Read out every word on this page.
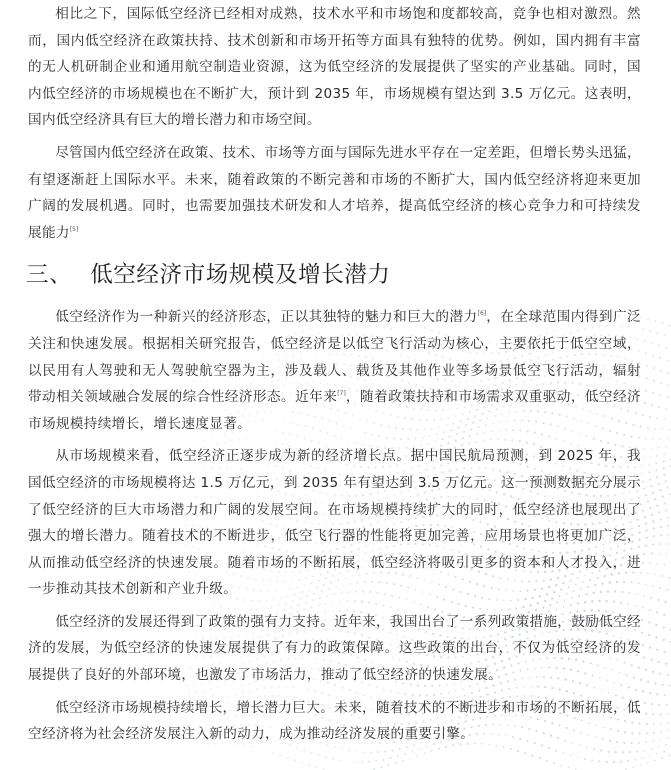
相比之下，国际低空经济已经相对成熟，技术水平和市场饱和度都较高，竞争也相对激烈。然而，国内低空经济在政策扶持、技术创新和市场开拓等方面具有独特的优势。例如，国内拥有丰富的无人机研制企业和通用航空制造业资源，这为低空经济的发展提供了坚实的产业基础。同时，国内低空经济的市场规模也在不断扩大，预计到 2035 年，市场规模有望达到 3.5 万亿元。这表明，国内低空经济具有巨大的增长潜力和市场空间。

尽管国内低空经济在政策、技术、市场等方面与国际先进水平存在一定差距，但增长势头迅猛，有望逐渐赶上国际水平。未来，随着政策的不断完善和市场的不断扩大，国内低空经济将迎来更加广阔的发展机遇。同时，也需要加强技术研发和人才培养，提高低空经济的核心竞争力和可持续发展能力[5]

三、 低空经济市场规模及增长潜力

低空经济作为一种新兴的经济形态，正以其独特的魅力和巨大的潜力[6]，在全球范围内得到广泛关注和快速发展。根据相关研究报告，低空经济是以低空飞行活动为核心，主要依托于低空空域，以民用有人驾驶和无人驾驶航空器为主，涉及载人、载货及其他作业等多场景低空飞行活动，辐射带动相关领域融合发展的综合性经济形态。近年来[7]，随着政策扶持和市场需求双重驱动，低空经济市场规模持续增长，增长速度显著。

从市场规模来看，低空经济正逐步成为新的经济增长点。据中国民航局预测，到 2025 年，我国低空经济的市场规模将达 1.5 万亿元，到 2035 年有望达到 3.5 万亿元。这一预测数据充分展示了低空经济的巨大市场潜力和广阔的发展空间。在市场规模持续扩大的同时，低空经济也展现出了强大的增长潜力。随着技术的不断进步，低空飞行器的性能将更加完善，应用场景也将更加广泛，从而推动低空经济的快速发展。随着市场的不断拓展，低空经济将吸引更多的资本和人才投入，进一步推动其技术创新和产业升级。

低空经济的发展还得到了政策的强有力支持。近年来，我国出台了一系列政策措施，鼓励低空经济的发展，为低空经济的快速发展提供了有力的政策保障。这些政策的出台，不仅为低空经济的发展提供了良好的外部环境，也激发了市场活力，推动了低空经济的快速发展。

低空经济市场规模持续增长，增长潜力巨大。未来，随着技术的不断进步和市场的不断拓展，低空经济将为社会经济发展注入新的动力，成为推动经济发展的重要引擎。
